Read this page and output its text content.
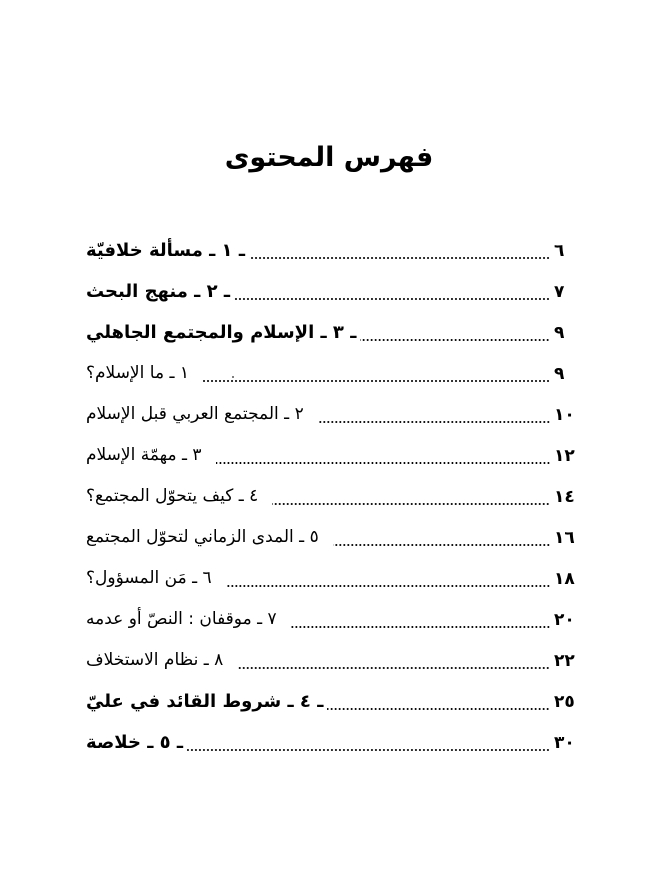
فهرس المحتوى
ـ ١ ـ مسألة خلافيّة	٦
ـ ٢ ـ منهج البحث	٧
ـ ٣ ـ الإسلام والمجتمع الجاهلي	٩
١ ـ ما الإسلام؟	٩
٢ ـ المجتمع العربي قبل الإسلام	١٠
٣ ـ مهمّة الإسلام	١٢
٤ ـ كيف يتحوّل المجتمع؟	١٤
٥ ـ المدى الزماني لتحوّل المجتمع	١٦
٦ ـ مَن المسؤول؟	١٨
٧ ـ موقفان : النصّ أو عدمه	٢٠
٨ ـ نظام الاستخلاف	٢٢
ـ ٤ ـ شروط القائد في عليّ	٢٥
ـ ٥ ـ خلاصة	٣٠
